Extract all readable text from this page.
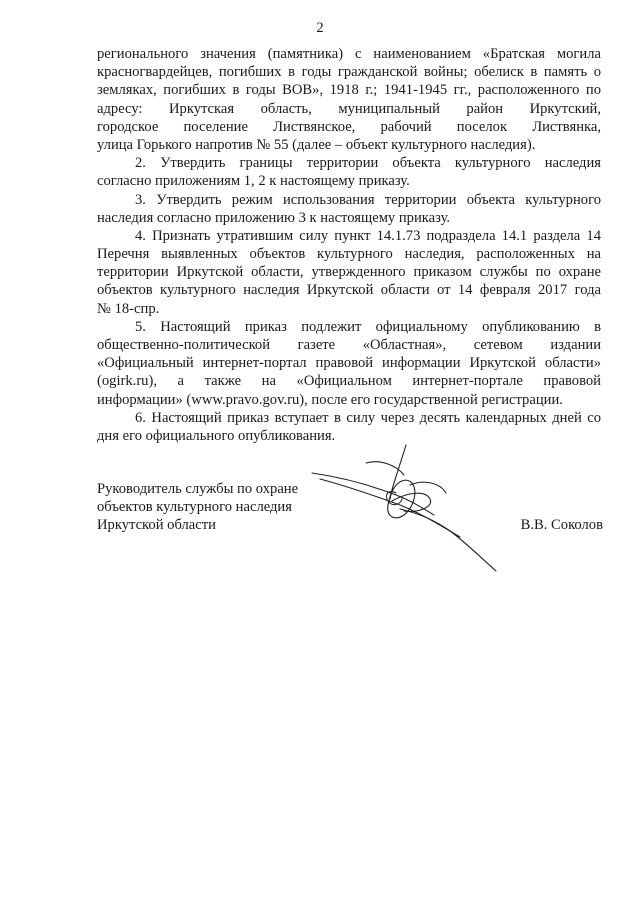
2
регионального значения (памятника) с наименованием «Братская могила
красногвардейцев, погибших в годы гражданской войны; обелиск в память о
земляках, погибших в годы ВОВ», 1918 г.; 1941-1945 гг., расположенного по
адресу: Иркутская область, муниципальный район Иркутский,
городское поселение Листвянское, рабочий поселок Листвянка,
улица Горького напротив № 55 (далее – объект культурного наследия).
2. Утвердить границы территории объекта культурного наследия
согласно приложениям 1, 2 к настоящему приказу.
3. Утвердить режим использования территории объекта культурного
наследия согласно приложению 3 к настоящему приказу.
4. Признать утратившим силу пункт 14.1.73 подраздела 14.1 раздела 14
Перечня выявленных объектов культурного наследия, расположенных на
территории Иркутской области, утвержденного приказом службы по охране
объектов культурного наследия Иркутской области от 14 февраля 2017 года
№ 18-спр.
5. Настоящий приказ подлежит официальному опубликованию в
общественно-политической газете «Областная», сетевом издании
«Официальный интернет-портал правовой информации Иркутской области»
(ogirk.ru), а также на «Официальном интернет-портале правовой
информации» (www.pravo.gov.ru), после его государственной регистрации.
6. Настоящий приказ вступает в силу через десять календарных дней со
дня его официального опубликования.
Руководитель службы по охране
объектов культурного наследия
Иркутской области	В.В. Соколов
